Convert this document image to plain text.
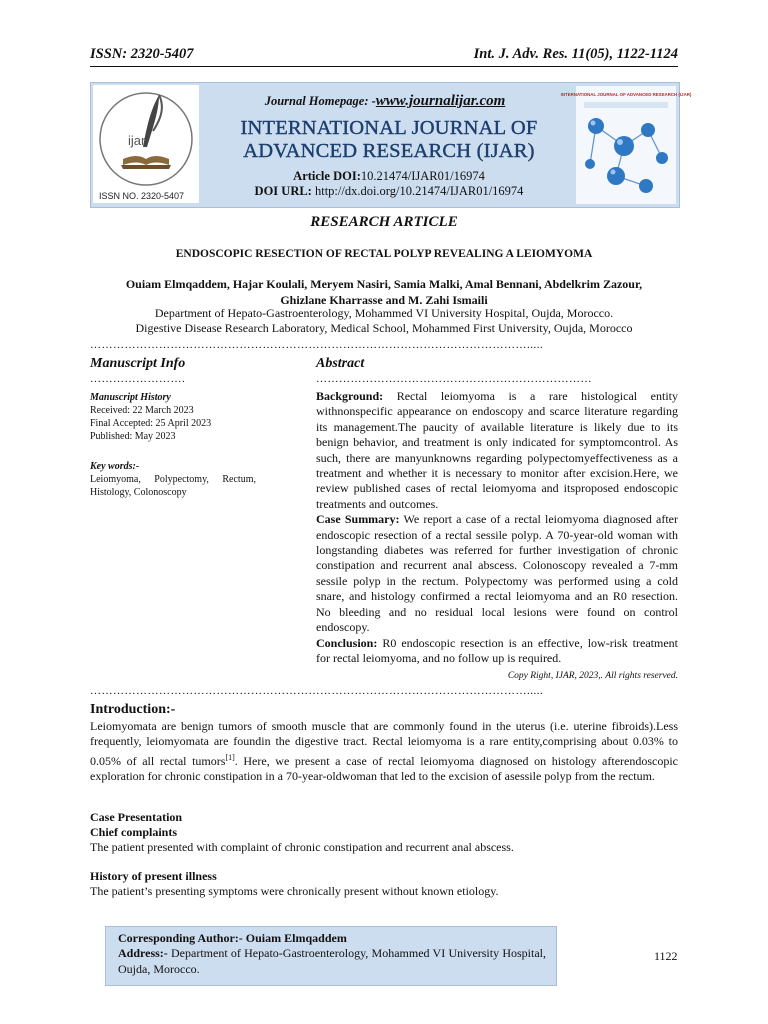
ISSN: 2320-5407	Int. J. Adv. Res. 11(05), 1122-1124
ijar
ISSN NO. 2320-5407
Journal Homepage: -www.journalijar.com
INTERNATIONAL JOURNAL OF ADVANCED RESEARCH (IJAR)
Article DOI:10.21474/IJAR01/16974
DOI URL: http://dx.doi.org/10.21474/IJAR01/16974
INTERNATIONAL JOURNAL OF ADVANCED RESEARCH (IJAR)
RESEARCH ARTICLE
ENDOSCOPIC RESECTION OF RECTAL POLYP REVEALING A LEIOMYOMA
Ouiam Elmqaddem, Hajar Koulali, Meryem Nasiri, Samia Malki, Amal Bennani, Abdelkrim Zazour,
Ghizlane Kharrasse and M. Zahi Ismaili
Department of Hepato-Gastroenterology, Mohammed VI University Hospital, Oujda, Morocco.
Digestive Disease Research Laboratory, Medical School, Mohammed First University, Oujda, Morocco
…………………………………………………………………………………………………….....
Manuscript Info	Abstract
…………………….	………………………………………………………………
Manuscript History
Received: 22 March 2023
Final Accepted: 25 April 2023
Published: May 2023
Key words:-
Leiomyoma, Polypectomy, Rectum, Histology, Colonoscopy

Background: Rectal leiomyoma is a rare histological entity withnonspecific appearance on endoscopy and scarce literature regarding its management.The paucity of available literature is likely due to its benign behavior, and treatment is only indicated for symptomcontrol. As such, there are manyunknowns regarding polypectomyeffectiveness as a treatment and whether it is necessary to monitor after excision.Here, we review published cases of rectal leiomyoma and itsproposed endoscopic treatments and outcomes.

Case Summary: We report a case of a rectal leiomyoma diagnosed after endoscopic resection of a rectal sessile polyp. A 70-year-old woman with longstanding diabetes was referred for further investigation of chronic constipation and recurrent anal abscess. Colonoscopy revealed a 7-mm sessile polyp in the rectum. Polypectomy was performed using a cold snare, and histology confirmed a rectal leiomyoma and an R0 resection. No bleeding and no residual local lesions were found on control endoscopy.

Conclusion: R0 endoscopic resection is an effective, low-risk treatment for rectal leiomyoma, and no follow up is required.

Copy Right, IJAR, 2023,. All rights reserved.
…………………………………………………………………………………………………….....
Introduction:-
Leiomyomata are benign tumors of smooth muscle that are commonly found in the uterus (i.e. uterine fibroids).Less frequently, leiomyomata are foundin the digestive tract. Rectal leiomyoma is a rare entity,comprising about 0.03% to 0.05% of all rectal tumors[1]. Here, we present a case of rectal leiomyoma diagnosed on histology afterendoscopic exploration for chronic constipation in a 70-year-oldwoman that led to the excision of asessile polyp from the rectum.
Case Presentation
Chief complaints
The patient presented with complaint of chronic constipation and recurrent anal abscess.
History of present illness
The patient’s presenting symptoms were chronically present without known etiology.
Corresponding Author:- Ouiam Elmqaddem
Address:- Department of Hepato-Gastroenterology, Mohammed VI University Hospital, Oujda, Morocco.
1122
